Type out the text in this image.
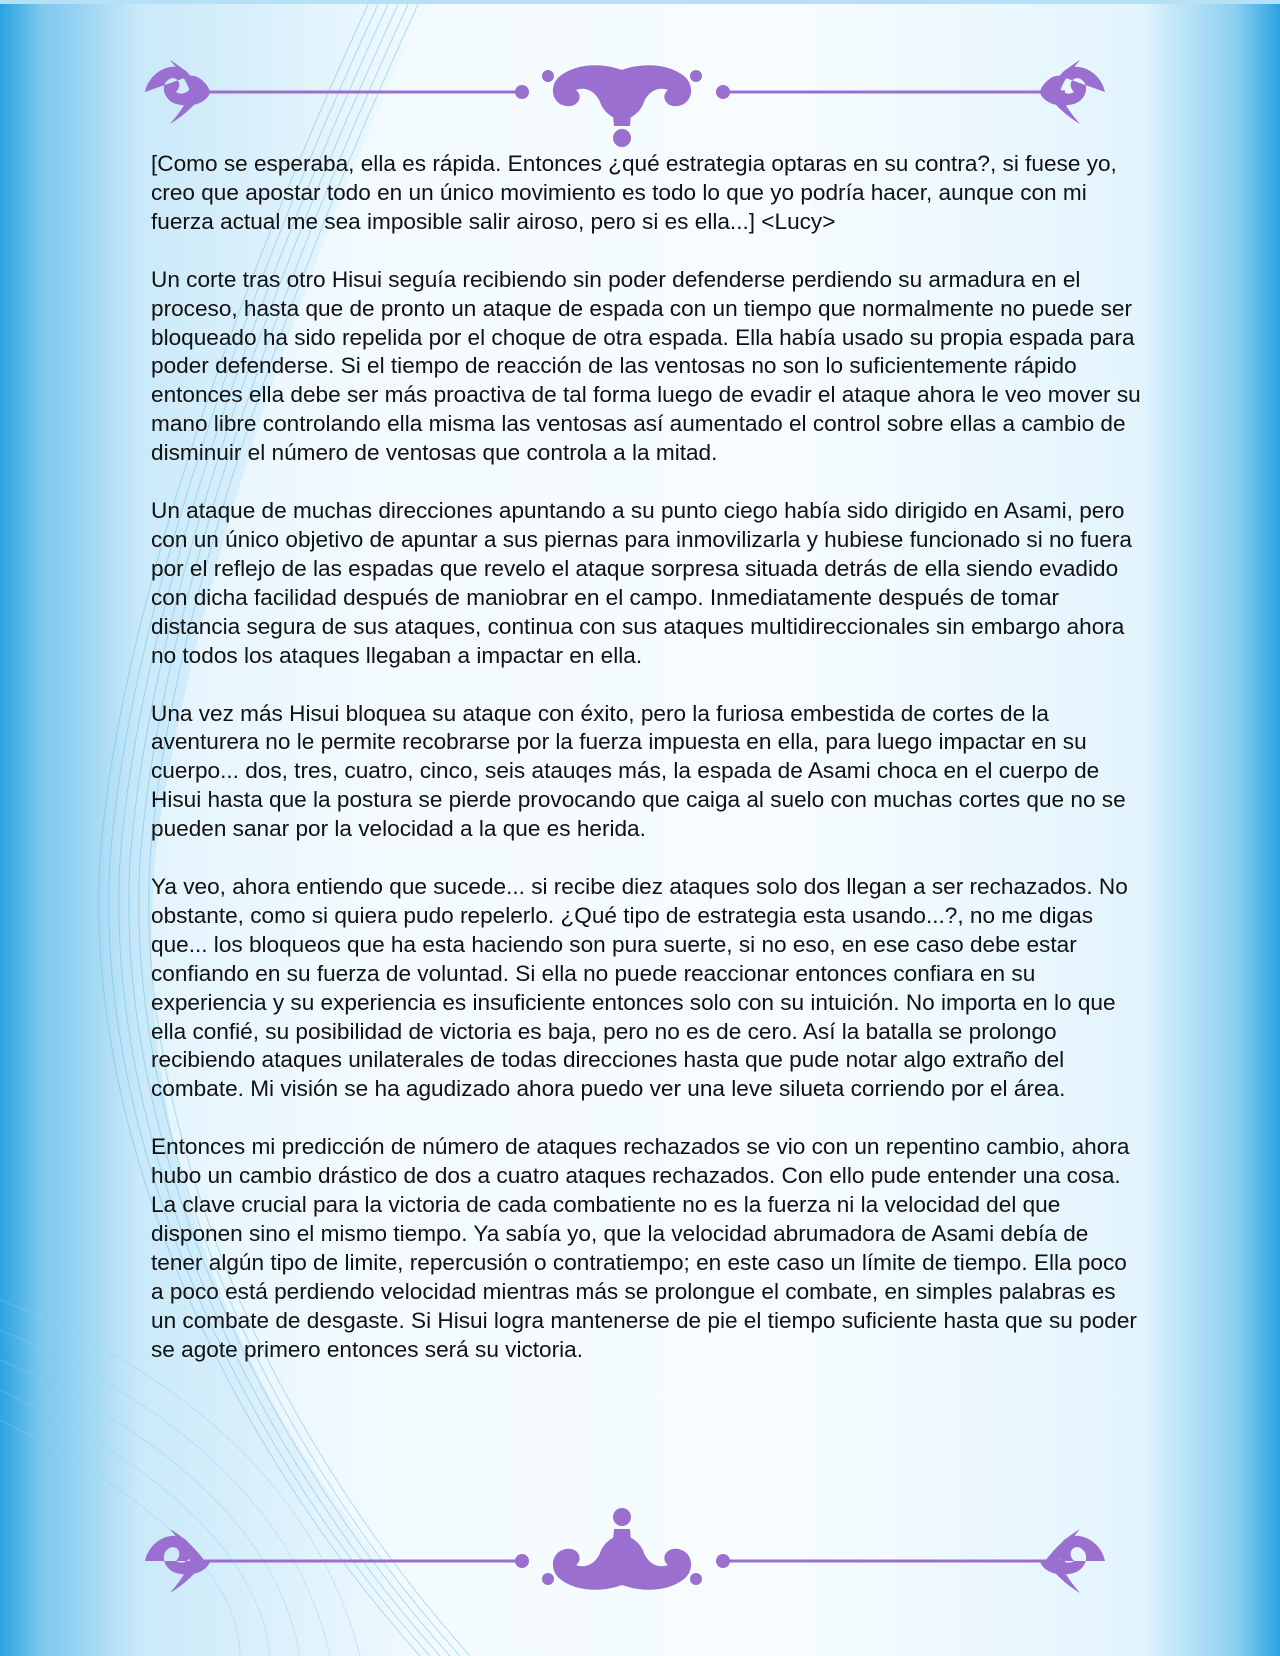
[Como se esperaba, ella es rápida. Entonces ¿qué estrategia optaras en su contra?, si fuese yo, creo que apostar todo en un único movimiento es todo lo que yo podría hacer, aunque con mi fuerza actual me sea imposible salir airoso, pero si es ella...] <Lucy>

Un corte tras otro Hisui seguía recibiendo sin poder defenderse perdiendo su armadura en el proceso, hasta que de pronto un ataque de espada con un tiempo que normalmente no puede ser bloqueado ha sido repelida por el choque de otra espada. Ella había usado su propia espada para poder defenderse. Si el tiempo de reacción de las ventosas no son lo suficientemente rápido entonces ella debe ser más proactiva de tal forma luego de evadir el ataque ahora le veo mover su mano libre controlando ella misma las ventosas así aumentado el control sobre ellas a cambio de disminuir el número de ventosas que controla a la mitad.

Un ataque de muchas direcciones apuntando a su punto ciego había sido dirigido en Asami, pero con un único objetivo de apuntar a sus piernas para inmovilizarla y hubiese funcionado si no fuera por el reflejo de las espadas que revelo el ataque sorpresa situada detrás de ella siendo evadido con dicha facilidad después de maniobrar en el campo. Inmediatamente después de tomar distancia segura de sus ataques, continua con sus ataques multidireccionales sin embargo ahora no todos los ataques llegaban a impactar en ella.

Una vez más Hisui bloquea su ataque con éxito, pero la furiosa embestida de cortes de la aventurera no le permite recobrarse por la fuerza impuesta en ella, para luego impactar en su cuerpo... dos, tres, cuatro, cinco, seis atauqes más, la espada de Asami choca en el cuerpo de Hisui hasta que la postura se pierde provocando que caiga al suelo con muchas cortes que no se pueden sanar por la velocidad a la que es herida.

Ya veo, ahora entiendo que sucede... si recibe diez ataques solo dos llegan a ser rechazados. No obstante, como si quiera pudo repelerlo. ¿Qué tipo de estrategia esta usando...?, no me digas que... los bloqueos que ha esta haciendo son pura suerte, si no eso, en ese caso debe estar confiando en su fuerza de voluntad. Si ella no puede reaccionar entonces confiara en su experiencia y su experiencia es insuficiente entonces solo con su intuición. No importa en lo que ella confié, su posibilidad de victoria es baja, pero no es de cero. Así la batalla se prolongo recibiendo ataques unilaterales de todas direcciones hasta que pude notar algo extraño del combate. Mi visión se ha agudizado ahora puedo ver una leve silueta corriendo por el área.

Entonces mi predicción de número de ataques rechazados se vio con un repentino cambio, ahora hubo un cambio drástico de dos a cuatro ataques rechazados. Con ello pude entender una cosa. La clave crucial para la victoria de cada combatiente no es la fuerza ni la velocidad del que disponen sino el mismo tiempo. Ya sabía yo, que la velocidad abrumadora de Asami debía de tener algún tipo de limite, repercusión o contratiempo; en este caso un límite de tiempo. Ella poco a poco está perdiendo velocidad mientras más se prolongue el combate, en simples palabras es un combate de desgaste. Si Hisui logra mantenerse de pie el tiempo suficiente hasta que su poder se agote primero entonces será su victoria.
